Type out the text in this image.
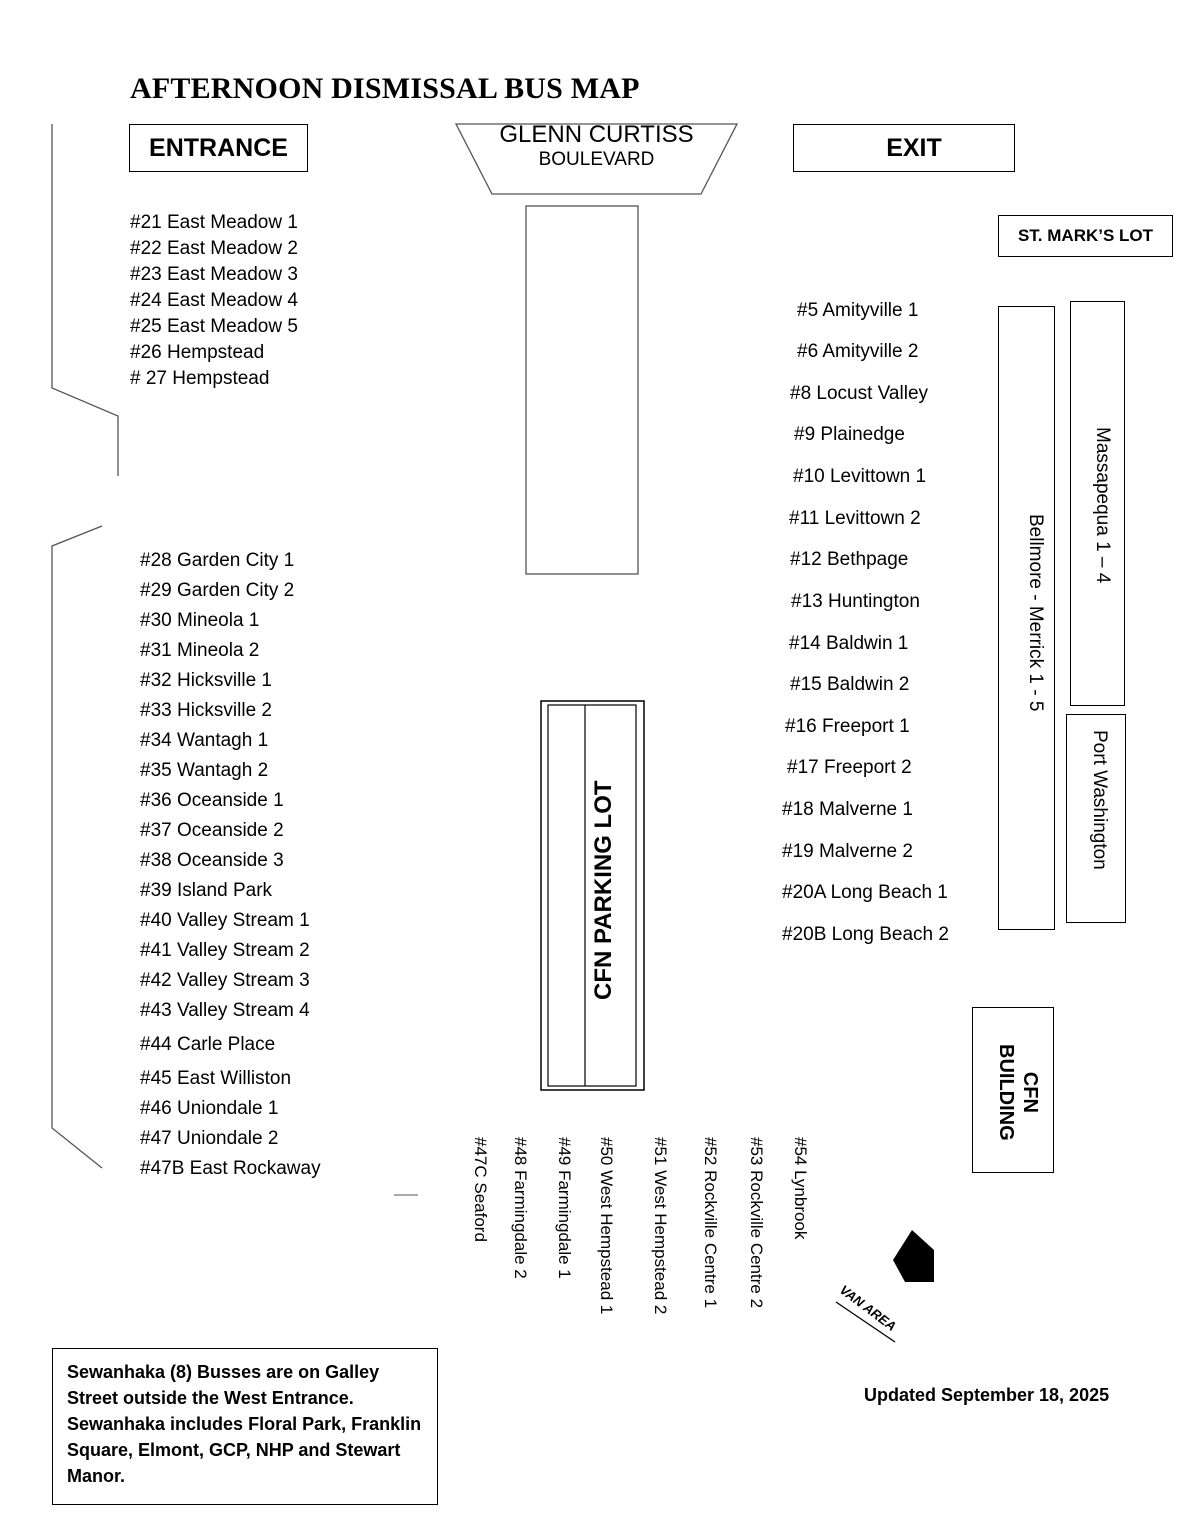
AFTERNOON DISMISSAL BUS MAP
GLENN CURTISS
BOULEVARD
ENTRANCE	EXIT
ST. MARK’S LOT
Bellmore - Merrick 1 - 5
Massapequa 1 – 4
Port Washington
CFN
BUILDING
CFN PARKING LOT
#21 East Meadow 1
#22 East Meadow 2
#23 East Meadow 3
#24 East Meadow 4
#25 East Meadow 5
#26 Hempstead
# 27 Hempstead
#28 Garden City 1
#29 Garden City 2
#30 Mineola 1
#31 Mineola 2
#32 Hicksville 1
#33 Hicksville 2
#34 Wantagh 1
#35 Wantagh 2
#36 Oceanside 1
#37 Oceanside 2
#38 Oceanside 3
#39 Island Park
#40 Valley Stream 1
#41 Valley Stream 2
#42 Valley Stream 3
#43 Valley Stream 4
#44 Carle Place
#45 East Williston
#46 Uniondale 1
#47 Uniondale 2
#47B East Rockaway
#5 Amityville 1
#6 Amityville 2
#8 Locust Valley
#9 Plainedge
#10 Levittown 1
#11 Levittown 2
#12 Bethpage
#13 Huntington
#14 Baldwin 1
#15 Baldwin 2
#16 Freeport 1
#17 Freeport 2
#18 Malverne 1
#19 Malverne 2
#20A Long Beach 1
#20B Long Beach 2
#47C Seaford #48 Farmingdale 2 #49 Farmingdale 1 #50 West Hempstead 1 #51 West Hempstead 2 #52 Rockville Centre 1 #53 Rockville Centre 2 #54 Lynbrook
VAN AREA
Sewanhaka (8) Busses are on Galley Street outside the West Entrance. Sewanhaka includes Floral Park, Franklin Square, Elmont, GCP, NHP and Stewart Manor.
Updated September 18, 2025
